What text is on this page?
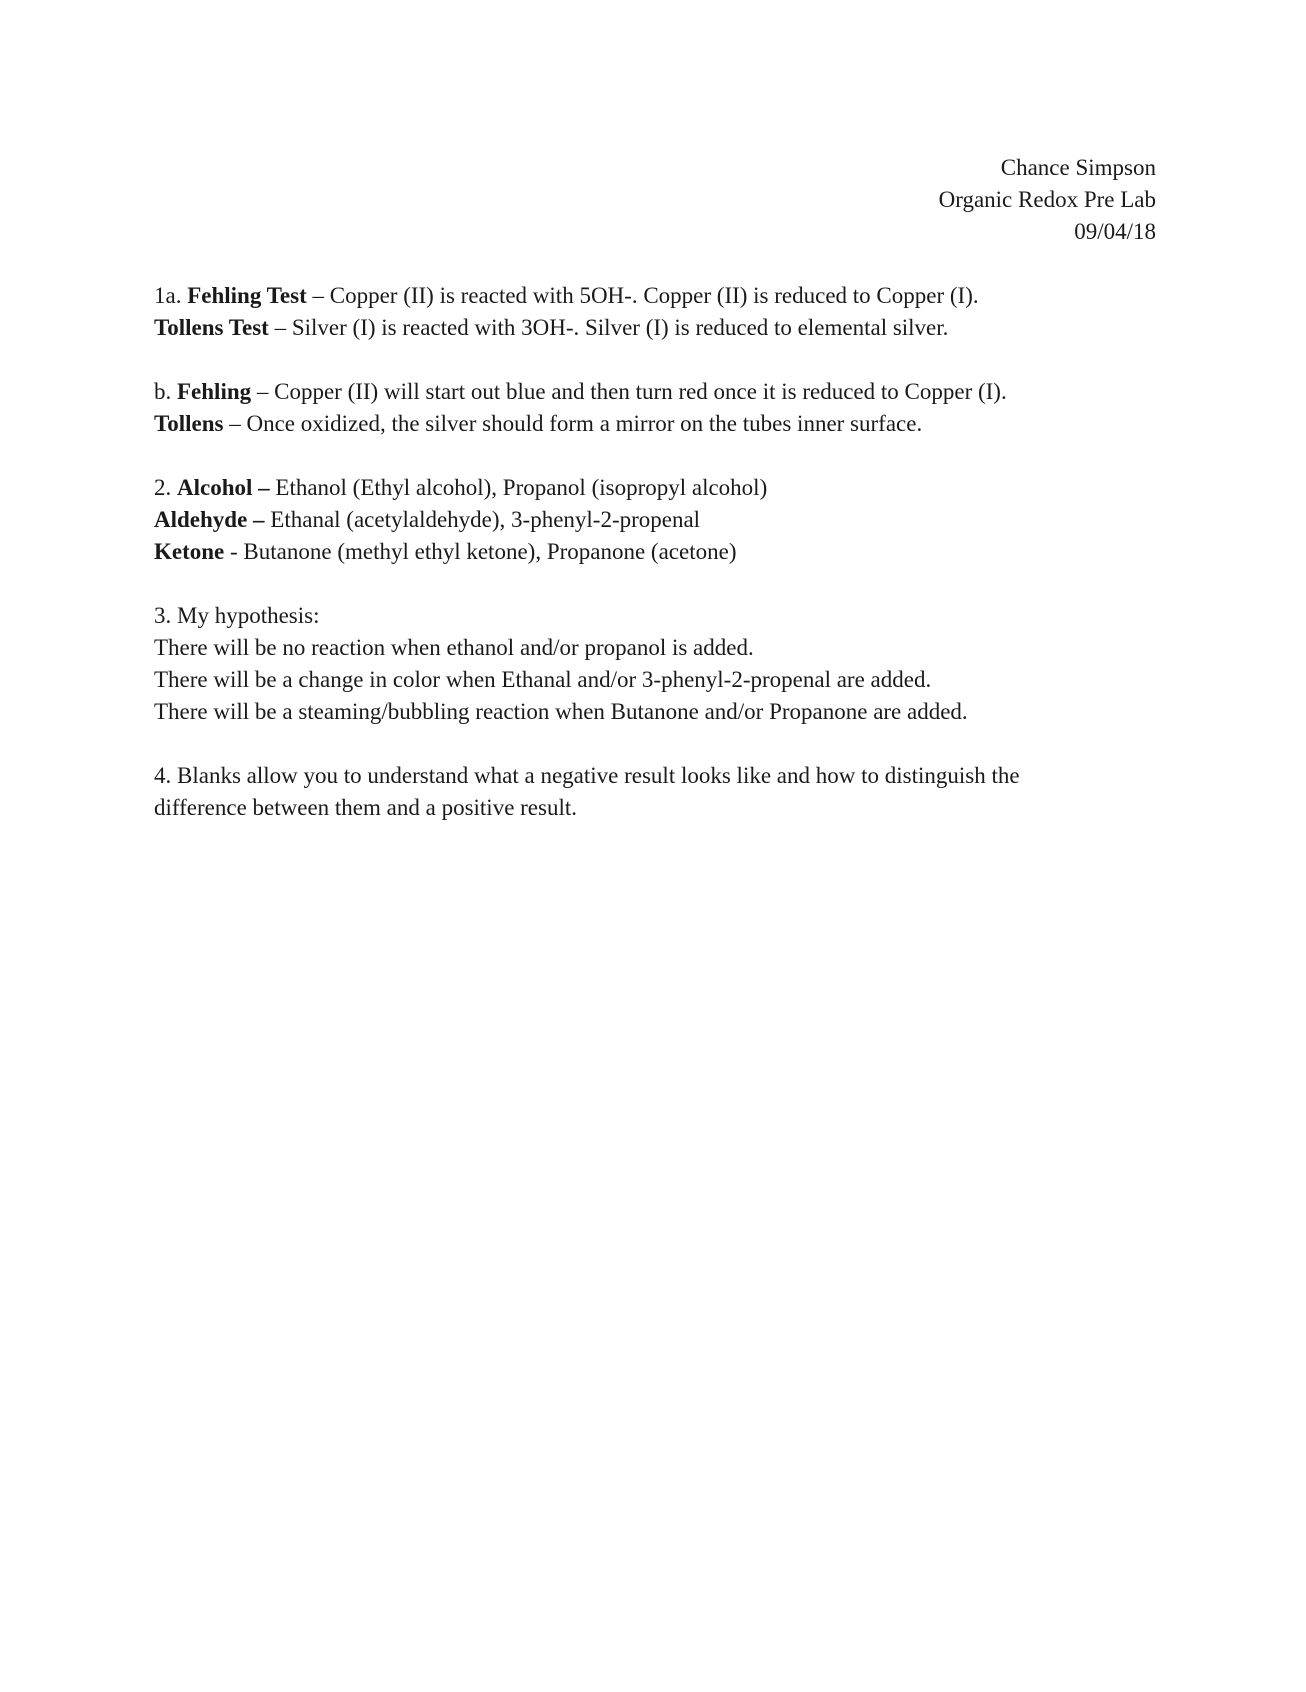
Chance Simpson
Organic Redox Pre Lab
09/04/18
1a. Fehling Test – Copper (II) is reacted with 5OH-. Copper (II) is reduced to Copper (I).
Tollens Test – Silver (I) is reacted with 3OH-. Silver (I) is reduced to elemental silver.
b. Fehling – Copper (II) will start out blue and then turn red once it is reduced to Copper (I).
Tollens – Once oxidized, the silver should form a mirror on the tubes inner surface.
2. Alcohol – Ethanol (Ethyl alcohol), Propanol (isopropyl alcohol)
Aldehyde – Ethanal (acetylaldehyde), 3-phenyl-2-propenal
Ketone - Butanone (methyl ethyl ketone), Propanone (acetone)
3. My hypothesis:
There will be no reaction when ethanol and/or propanol is added.
There will be a change in color when Ethanal and/or 3-phenyl-2-propenal are added.
There will be a steaming/bubbling reaction when Butanone and/or Propanone are added.
4. Blanks allow you to understand what a negative result looks like and how to distinguish the
difference between them and a positive result.
